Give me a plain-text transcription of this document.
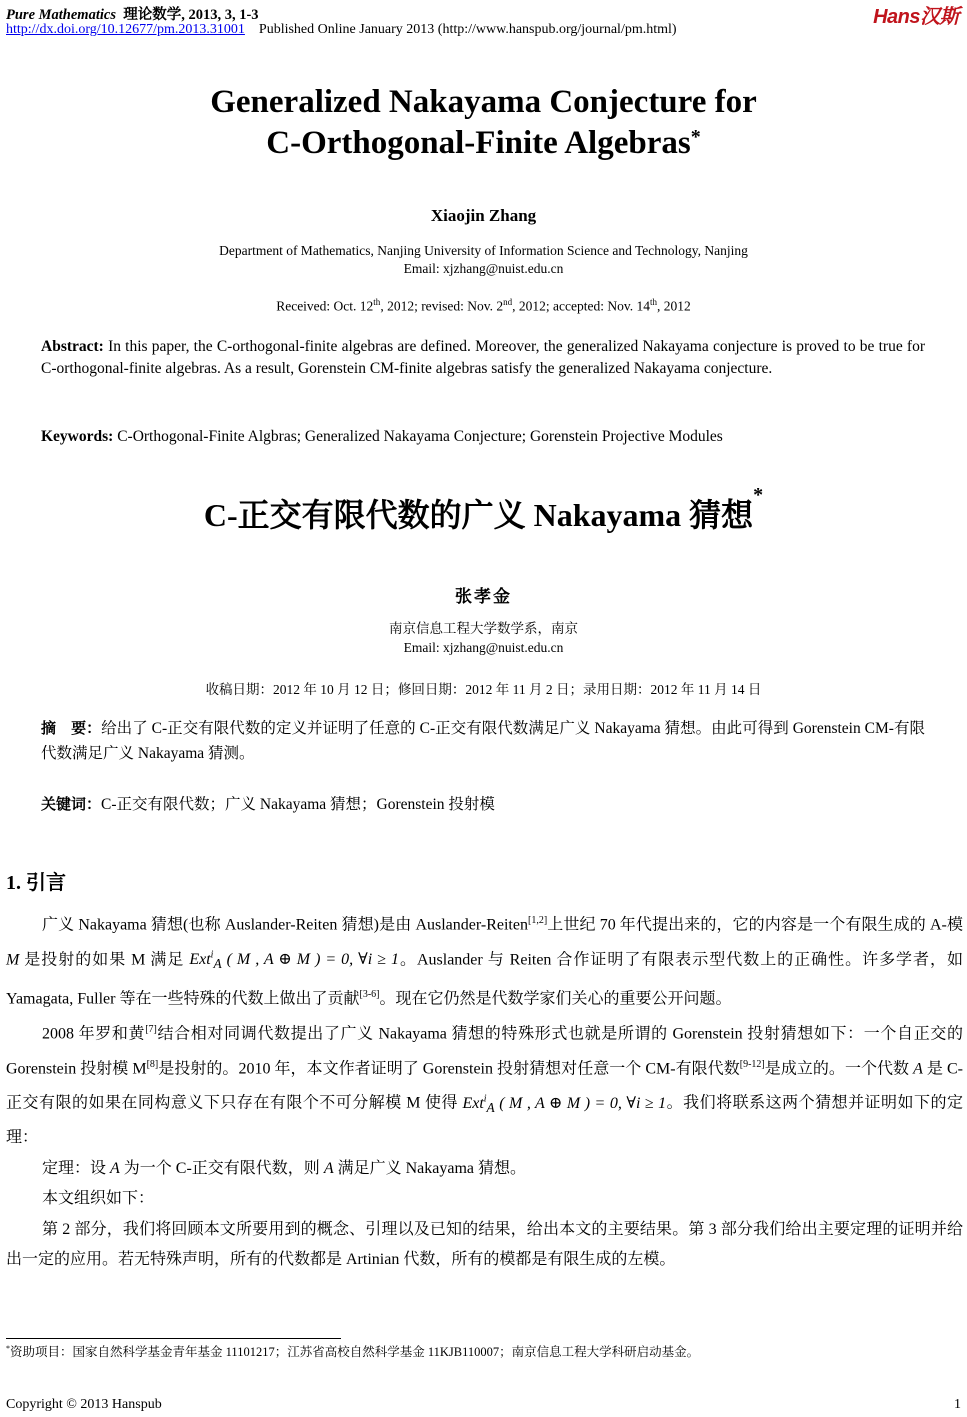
Pure Mathematics 理论数学, 2013, 3, 1-3
http://dx.doi.org/10.12677/pm.2013.31001 Published Online January 2013 (http://www.hanspub.org/journal/pm.html)
Hans汉斯
Generalized Nakayama Conjecture for
C-Orthogonal-Finite Algebras*
Xiaojin Zhang
Department of Mathematics, Nanjing University of Information Science and Technology, Nanjing
Email: xjzhang@nuist.edu.cn
Received: Oct. 12th, 2012; revised: Nov. 2nd, 2012; accepted: Nov. 14th, 2012
Abstract: In this paper, the C-orthogonal-finite algebras are defined. Moreover, the generalized Nakayama conjecture is proved to be true for C-orthogonal-finite algebras. As a result, Gorenstein CM-finite algebras satisfy the generalized Nakayama conjecture.
Keywords: C-Orthogonal-Finite Algbras; Generalized Nakayama Conjecture; Gorenstein Projective Modules
C-正交有限代数的广义 Nakayama 猜想*
张孝金
南京信息工程大学数学系，南京
Email: xjzhang@nuist.edu.cn
收稿日期：2012 年 10 月 12 日；修回日期：2012 年 11 月 2 日；录用日期：2012 年 11 月 14 日
摘　要：给出了 C-正交有限代数的定义并证明了任意的 C-正交有限代数满足广义 Nakayama 猜想。由此可得到 Gorenstein CM-有限代数满足广义 Nakayama 猜测。
关键词：C-正交有限代数；广义 Nakayama 猜想；Gorenstein 投射模
1. 引言

广义 Nakayama 猜想(也称 Auslander-Reiten 猜想)是由 Auslander-Reiten[1,2]上世纪 70 年代提出来的，它的内容是一个有限生成的 A-模 M 是投射的如果 M 满足 Ext$^i_A$ ( M , A ⊕ M ) = 0, ∀i ≥ 1。Auslander 与 Reiten 合作证明了有限表示型代数上的正确性。许多学者，如 Yamagata, Fuller 等在一些特殊的代数上做出了贡献[3-6]。现在它仍然是代数学家们关心的重要公开问题。

2008 年罗和黄[7]结合相对同调代数提出了广义 Nakayama 猜想的特殊形式也就是所谓的 Gorenstein 投射猜想如下：一个自正交的 Gorenstein 投射模 M[8]是投射的。2010 年，本文作者证明了 Gorenstein 投射猜想对任意一个 CM-有限代数[9-12]是成立的。一个代数 A 是 C-正交有限的如果在同构意义下只存在有限个不可分解模 M 使得 Ext$^i_A$ ( M , A ⊕ M ) = 0, ∀i ≥ 1。我们将联系这两个猜想并证明如下的定理：

定理：设 A 为一个 C-正交有限代数，则 A 满足广义 Nakayama 猜想。

本文组织如下：

第 2 部分，我们将回顾本文所要用到的概念、引理以及已知的结果，给出本文的主要结果。第 3 部分我们给出主要定理的证明并给出一定的应用。若无特殊声明，所有的代数都是 Artinian 代数，所有的模都是有限生成的左模。

*资助项目：国家自然科学基金青年基金 11101217；江苏省高校自然科学基金 11KJB110007；南京信息工程大学科研启动基金。
Copyright © 2013 Hanspub	1
